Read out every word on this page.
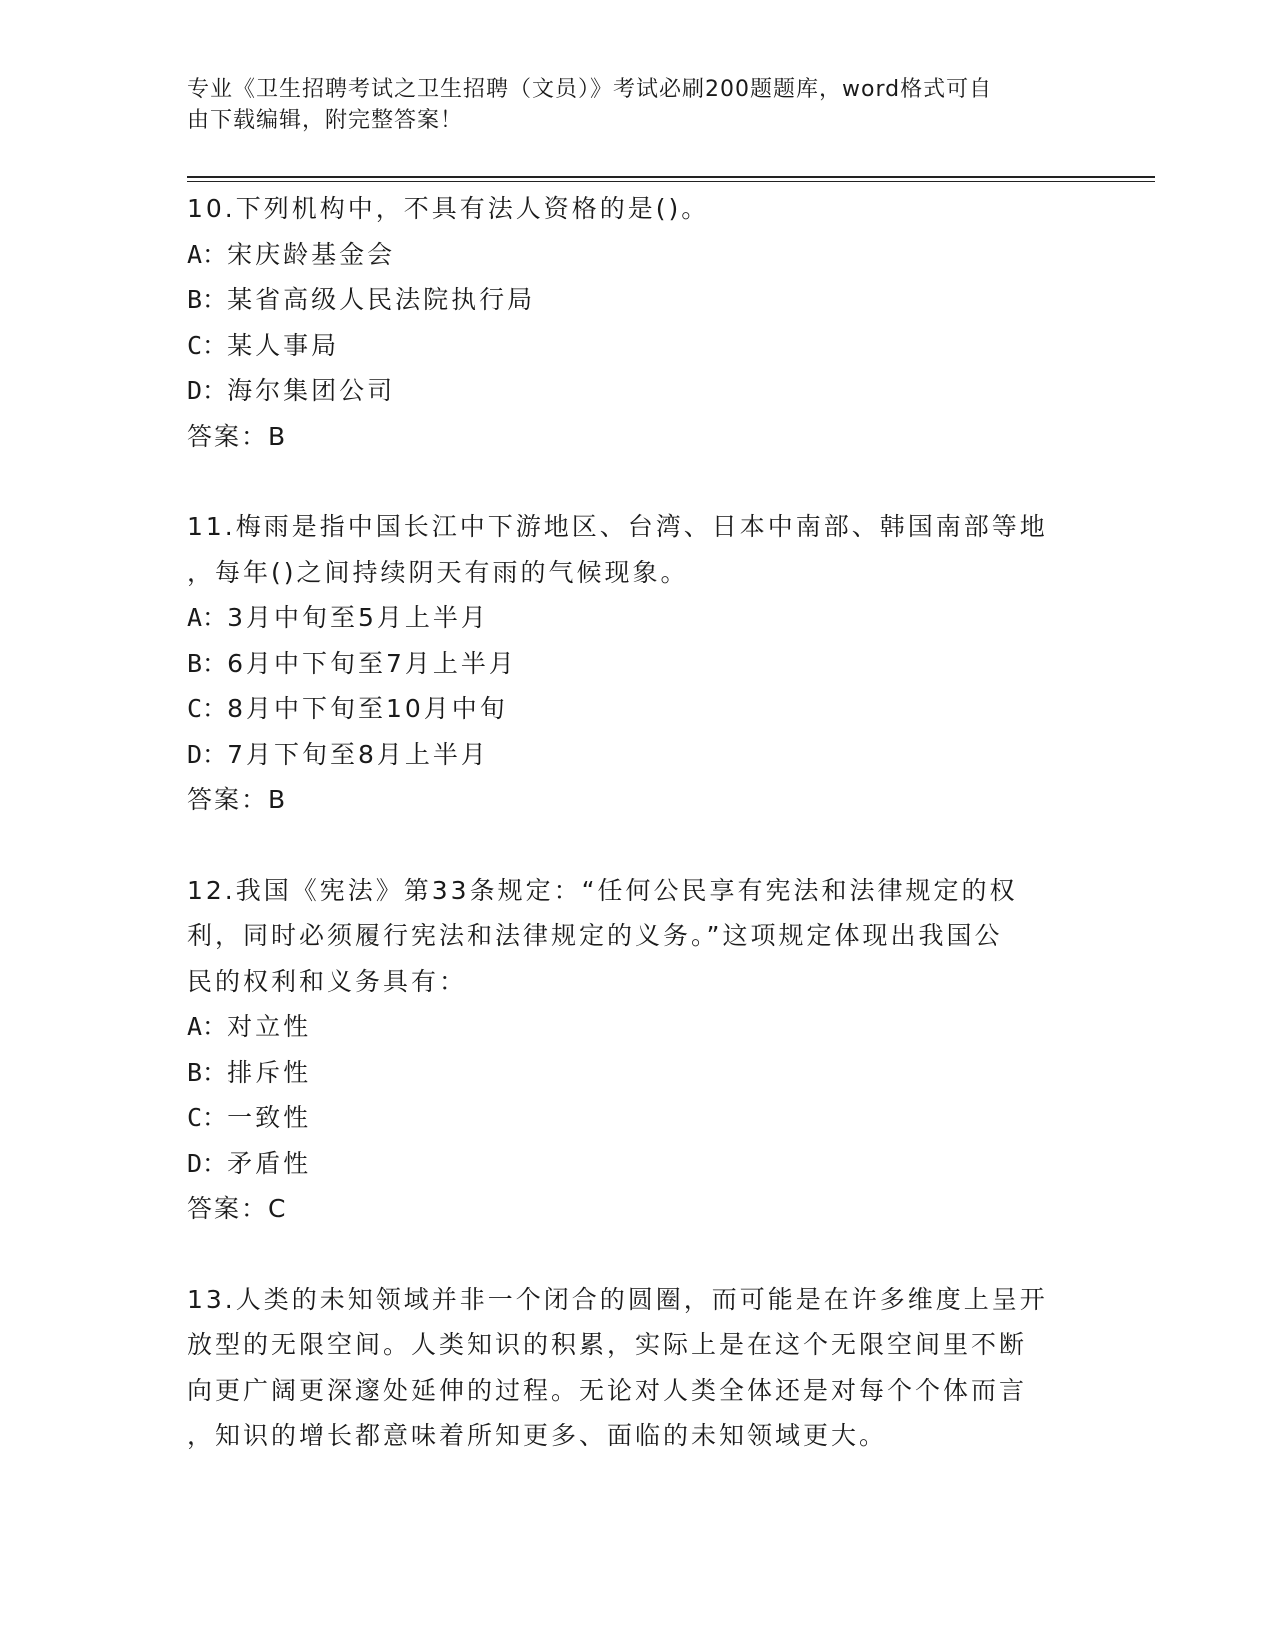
专业《卫生招聘考试之卫生招聘（文员）》考试必刷200题题库，word格式可自
由下载编辑，附完整答案！
10.下列机构中，不具有法人资格的是()。
A：宋庆龄基金会
B：某省高级人民法院执行局
C：某人事局
D：海尔集团公司
答案：B
11.梅雨是指中国长江中下游地区、台湾、日本中南部、韩国南部等地
，每年()之间持续阴天有雨的气候现象。
A：3月中旬至5月上半月
B：6月中下旬至7月上半月
C：8月中下旬至10月中旬
D：7月下旬至8月上半月
答案：B
12.我国《宪法》第33条规定：“任何公民享有宪法和法律规定的权
利，同时必须履行宪法和法律规定的义务。”这项规定体现出我国公
民的权利和义务具有：
A：对立性
B：排斥性
C：一致性
D：矛盾性
答案：C
13.人类的未知领域并非一个闭合的圆圈，而可能是在许多维度上呈开
放型的无限空间。人类知识的积累，实际上是在这个无限空间里不断
向更广阔更深邃处延伸的过程。无论对人类全体还是对每个个体而言
，知识的增长都意味着所知更多、面临的未知领域更大。
